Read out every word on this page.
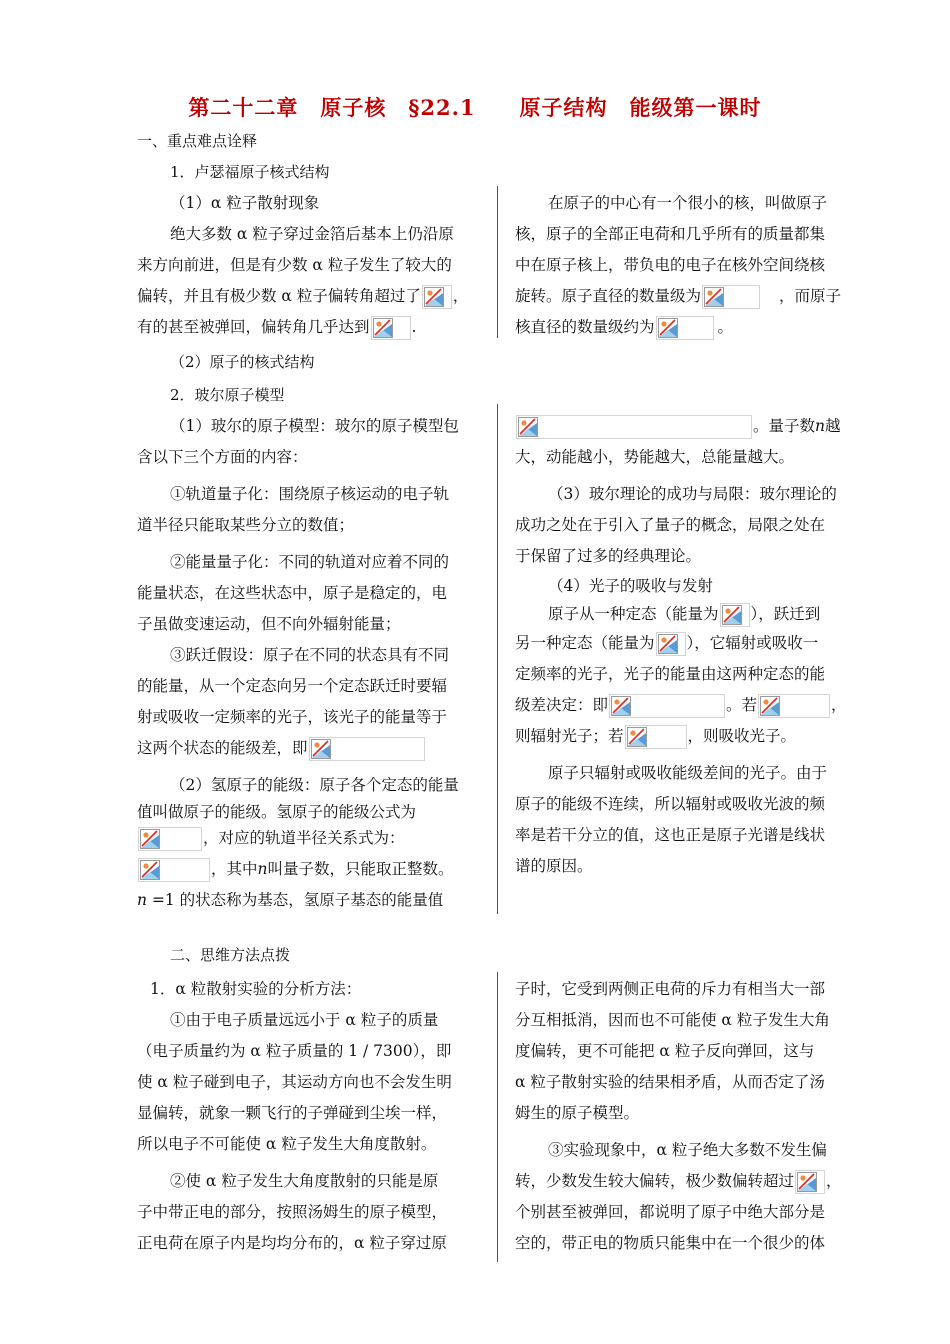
第二十二章　原子核　§22.1　　原子结构　能级第一课时
一、重点难点诠释
1．卢瑟福原子核式结构

（1）α 粒子散射现象

绝大多数 α 粒子穿过金箔后基本上仍沿原

来方向前进，但是有少数 α 粒子发生了较大的

偏转，并且有极少数 α 粒子偏转角超过了 ，

有的甚至被弹回，偏转角几乎达到	.

在原子的中心有一个很小的核，叫做原子

核，原子的全部正电荷和几乎所有的质量都集

中在原子核上，带负电的电子在核外空间绕核

旋转。原子直径的数量级为	，而原子

核直径的数量级约为	。

（2）原子的核式结构
2．玻尔原子模型

（1）玻尔的原子模型：玻尔的原子模型包

含以下三个方面的内容：

①轨道量子化：围绕原子核运动的电子轨

道半径只能取某些分立的数值；

②能量量子化：不同的轨道对应着不同的

能量状态，在这些状态中，原子是稳定的，电

子虽做变速运动，但不向外辐射能量；

③跃迁假设：原子在不同的状态具有不同

的能量，从一个定态向另一个定态跃迁时要辐

射或吸收一定频率的光子，该光子的能量等于

这两个状态的能级差，即

（2）氢原子的能级：原子各个定态的能量

值叫做原子的能级。氢原子的能级公式为

，对应的轨道半径关系式为：

，其中n叫量子数，只能取正整数。

n =1 的状态称为基态，氢原子基态的能量值

。量子数n越

大，动能越小，势能越大，总能量越大。

（3）玻尔理论的成功与局限：玻尔理论的

成功之处在于引入了量子的概念，局限之处在

于保留了过多的经典理论。

（4）光子的吸收与发射

原子从一种定态（能量为 ），跃迁到

另一种定态（能量为 ），它辐射或吸收一

定频率的光子，光子的能量由这两种定态的能

级差决定：即	。若	，

则辐射光子；若	，则吸收光子。

原子只辐射或吸收能级差间的光子。由于

原子的能级不连续，所以辐射或吸收光波的频

率是若干分立的值，这也正是原子光谱是线状

谱的原因。

二、思维方法点拨

1．α 粒散射实验的分析方法：

①由于电子质量远远小于 α 粒子的质量

（电子质量约为 α 粒子质量的 1 / 7300），即

使 α 粒子碰到电子，其运动方向也不会发生明

显偏转，就象一颗飞行的子弹碰到尘埃一样，

所以电子不可能使 α 粒子发生大角度散射。

②使 α 粒子发生大角度散射的只能是原

子中带正电的部分，按照汤姆生的原子模型，

正电荷在原子内是均均分布的，α 粒子穿过原

子时，它受到两侧正电荷的斥力有相当大一部

分互相抵消，因而也不可能使 α 粒子发生大角

度偏转，更不可能把 α 粒子反向弹回，这与

α 粒子散射实验的结果相矛盾，从而否定了汤

姆生的原子模型。

③实验现象中，α 粒子绝大多数不发生偏

转，少数发生较大偏转，极少数偏转超过 ，

个别甚至被弹回，都说明了原子中绝大部分是

空的，带正电的物质只能集中在一个很少的体
